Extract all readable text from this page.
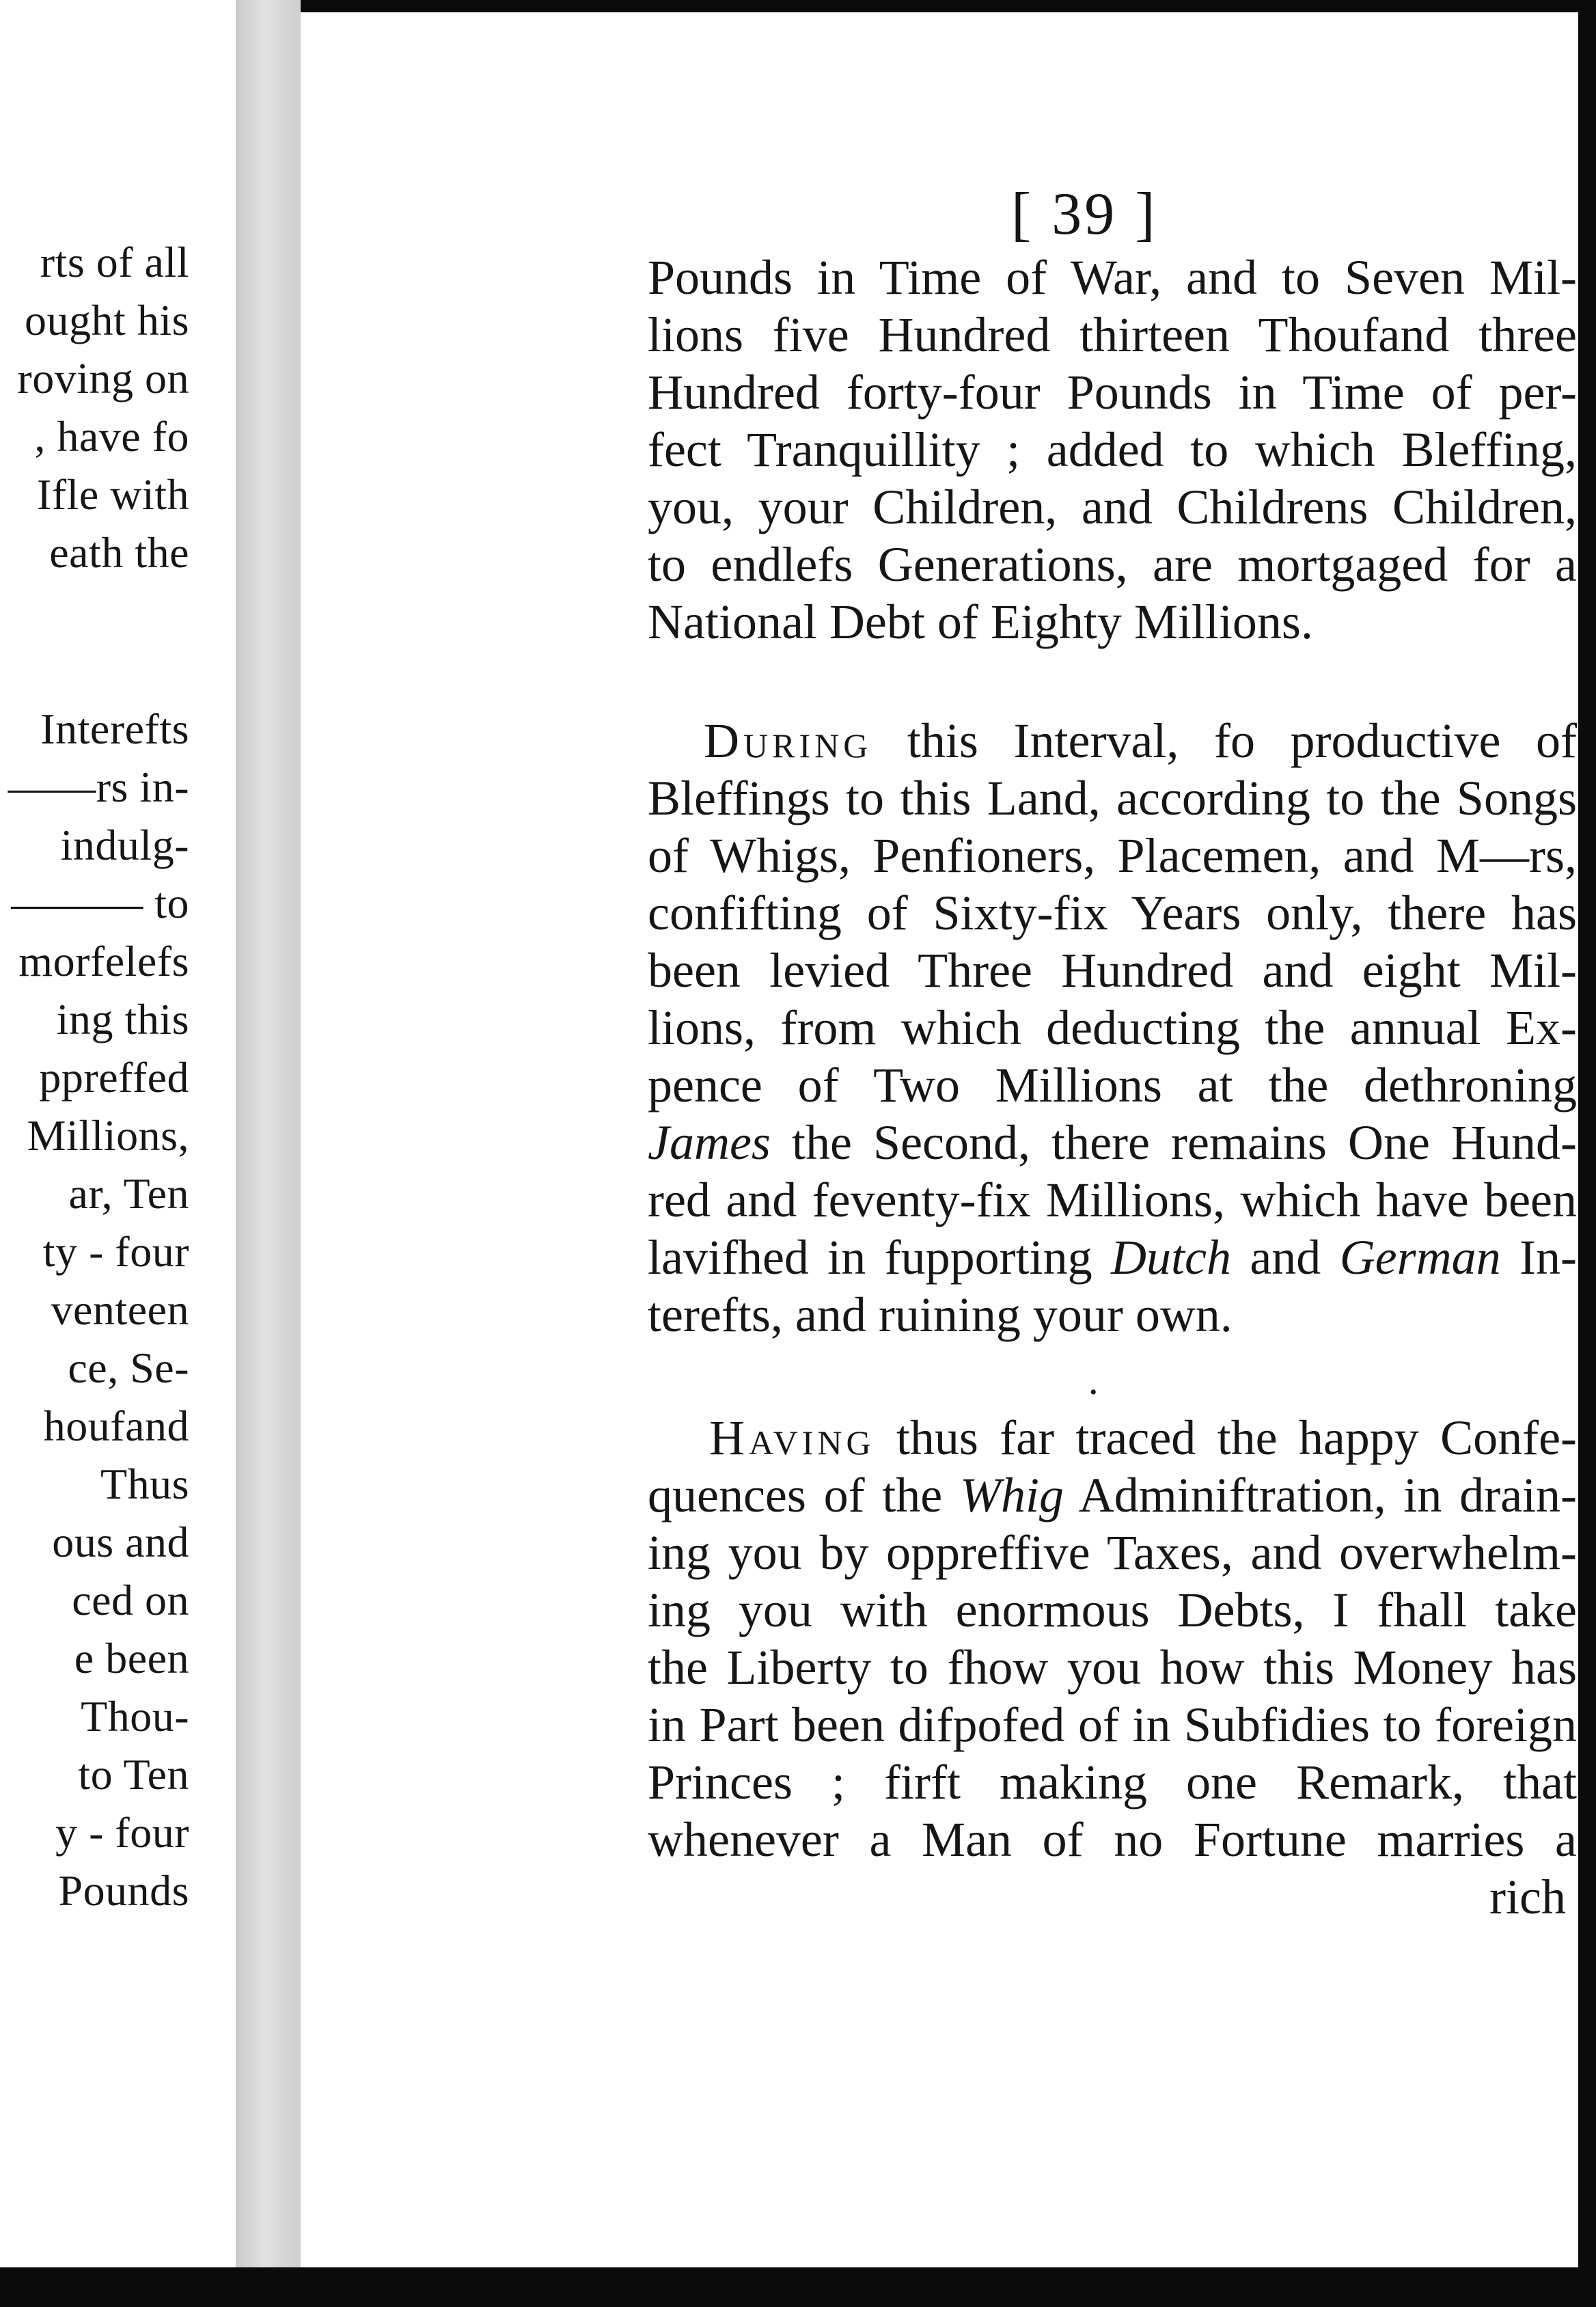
rts of all
ought his
roving on
, have fo
Ifle with
eath the
Interefts
——rs in-
indulg-
——— to
morfelefs
ing this
ppreffed
Millions,
ar, Ten
ty - four
venteen
ce, Se-
houfand
Thus
ous and
ced on
e been
Thou-
to Ten
y - four
Pounds
[ 39 ]
Pounds in Time of War, and to Seven Mil-
lions five Hundred thirteen Thoufand three
Hundred forty-four Pounds in Time of per-
fect Tranquillity ; added to which Bleffing,
you, your Children, and Childrens Children,
to endlefs Generations, are mortgaged for a
National Debt of Eighty Millions.
During this Interval, fo productive of
Bleffings to this Land, according to the Songs
of Whigs, Penfioners, Placemen, and M—rs,
confifting of Sixty-fix Years only, there has
been levied Three Hundred and eight Mil-
lions, from which deducting the annual Ex-
pence of Two Millions at the dethroning
James the Second, there remains One Hund-
red and feventy-fix Millions, which have been
lavifhed in fupporting Dutch and German In-
terefts, and ruining your own.
•
Having thus far traced the happy Confe-
quences of the Whig Adminiftration, in drain-
ing you by oppreffive Taxes, and overwhelm-
ing you with enormous Debts, I fhall take
the Liberty to fhow you how this Money has
in Part been difpofed of in Subfidies to foreign
Princes ; firft making one Remark, that
whenever a Man of no Fortune marries a
rich
